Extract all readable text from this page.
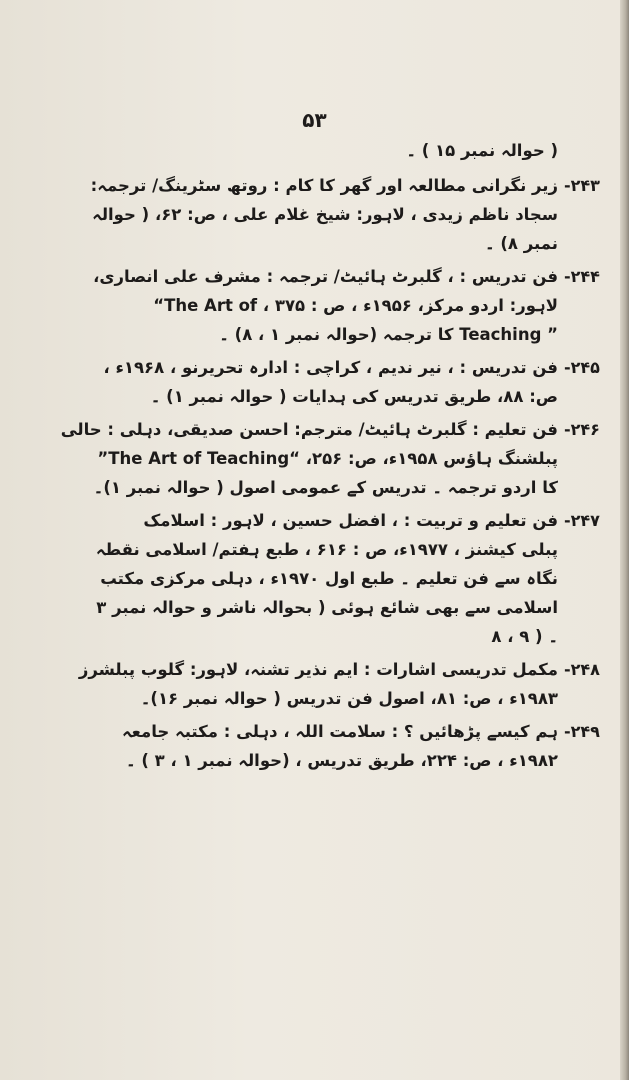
۵۳
( حوالہ نمبر ۱۵ ) ۔
-۲۴۳
زیر نگرانی مطالعہ اور گھر کا کام : روتھ سٹرینگ/ ترجمہ:
سجاد ناظم زیدی ، لاہور: شیخ غلام علی ، ص: ۶۲، ( حوالہ
نمبر ۸) ۔
-۲۴۴
فن تدریس : ، گلبرٹ ہائیٹ/ ترجمہ : مشرف علی انصاری،
لاہور: اردو مرکز، ۱۹۵۶ء ، ص : ۳۷۵ ، The Art of“
” Teaching کا ترجمہ (حوالہ نمبر ۱ ، ۸) ۔
-۲۴۵
فن تدریس : ، نیر ندیم ، کراچی : ادارہ تحریرنو ، ۱۹۶۸ء ،
ص: ۸۸، طریق تدریس کی ہدایات ( حوالہ نمبر ۱) ۔
-۲۴۶
فن تعلیم : گلبرٹ ہائیٹ/ مترجم: احسن صدیقی، دہلی : حالی
پبلشنگ ہاؤس ۱۹۵۸ء، ص: ۲۵۶، “The Art of Teaching”
کا اردو ترجمہ ۔ تدریس کے عمومی اصول ( حوالہ نمبر ۱)۔
-۲۴۷
فن تعلیم و تربیت : ، افضل حسین ، لاہور : اسلامک
پبلی کیشنز ، ۱۹۷۷ء، ص : ۶۱۶ ، طبع ہفتم/ اسلامی نقطہ
نگاہ سے فن تعلیم ۔ طبع اول ۱۹۷۰ء ، دہلی مرکزی مکتب
اسلامی سے بھی شائع ہوئی ( بحوالہ ناشر و حوالہ نمبر ۳
۔ ( ۹ ، ۸
-۲۴۸
مکمل تدریسی اشارات : ایم نذیر تشنہ، لاہور: گلوب پبلشرز
۱۹۸۳ء ، ص: ۸۱، اصول فن تدریس ( حوالہ نمبر ۱۶)۔
-۲۴۹
ہم کیسے پڑھائیں ؟ : سلامت اللہ ، دہلی : مکتبہ جامعہ
۱۹۸۲ء ، ص: ۲۲۴، طریق تدریس ، (حوالہ نمبر ۱ ، ۳ ) ۔
